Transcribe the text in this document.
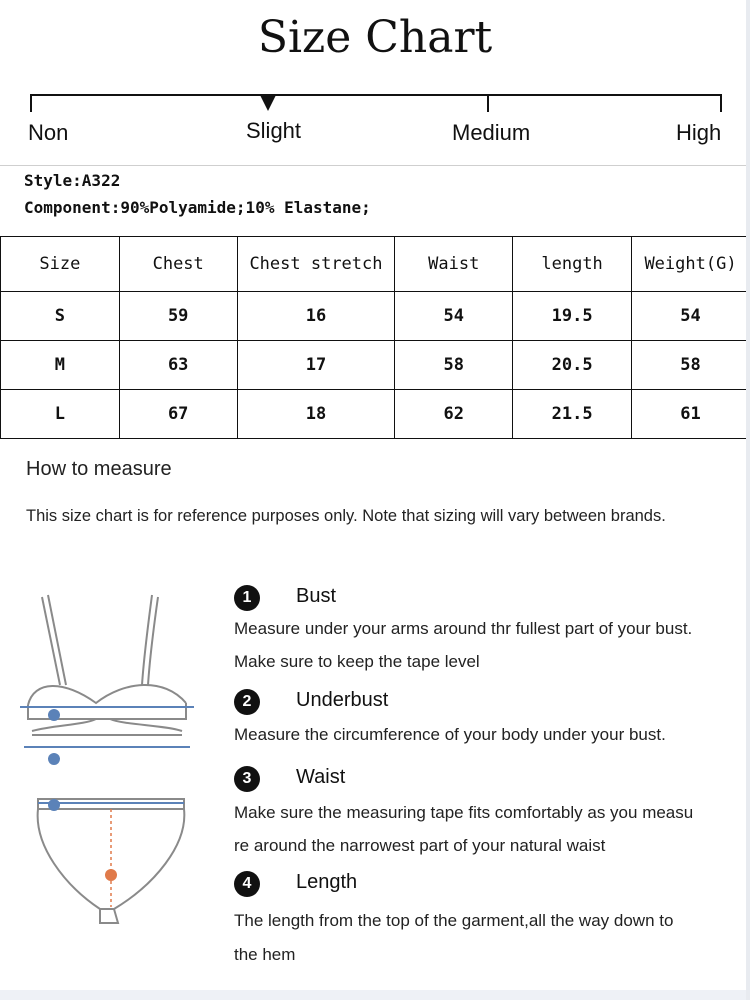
Size Chart
Non	Slight	Medium	High
Style:A322
Component:90%Polyamide;10% Elastane;
Size	Chest	Chest stretch	Waist	length	Weight(G)
S	59	16	54	19.5	54
M	63	17	58	20.5	58
L	67	18	62	21.5	61
How to measure
This size chart is for reference purposes only. Note that sizing will vary between brands.
1	Bust
Measure under your arms around thr fullest part of your bust.
Make sure to keep the tape level
2	Underbust
Measure the circumference of your body under your bust.
3	Waist
Make sure the measuring tape fits comfortably as you measu
re around the narrowest part of your natural waist
4	Length
The length from the top of the garment,all the way down to
the hem
